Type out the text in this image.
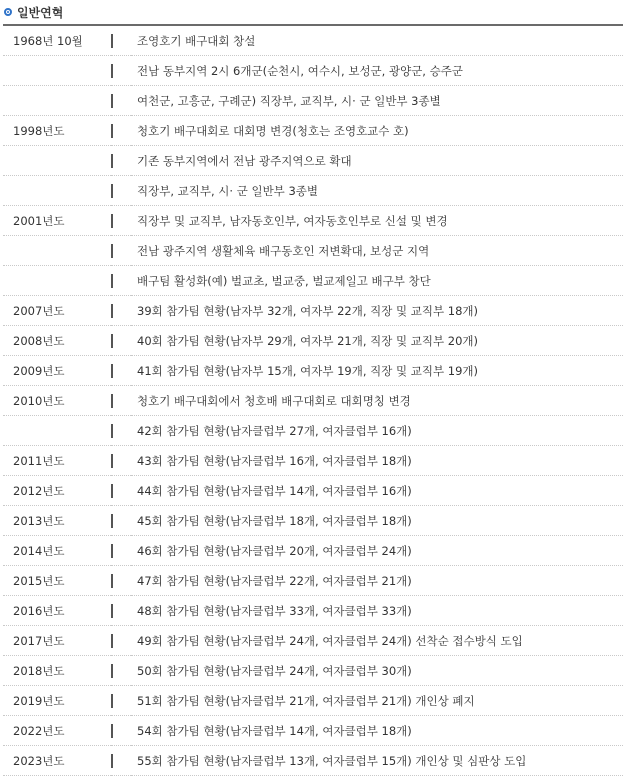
일반연혁
1968년 10월		조영호기 배구대회 창설

	전남 동부지역 2시 6개군(순천시, 여수시, 보성군, 광양군, 승주군

	여천군, 고흥군, 구례군) 직장부, 교직부, 시· 군 일반부 3종별
1998년도		청호기 배구대회로 대회명 변경(청호는 조영호교수 호)

	기존 동부지역에서 전남 광주지역으로 확대

	직장부, 교직부, 시· 군 일반부 3종별
2001년도		직장부 및 교직부, 남자동호인부, 여자동호인부로 신설 및 변경

	전남 광주지역 생활체육 배구동호인 저변확대, 보성군 지역

	배구팀 활성화(예) 벌교초, 벌교중, 벌교제일고 배구부 창단
2007년도		39회 참가팀 현황(남자부 32개, 여자부 22개, 직장 및 교직부 18개)
2008년도		40회 참가팀 현황(남자부 29개, 여자부 21개, 직장 및 교직부 20개)
2009년도		41회 참가팀 현황(남자부 15개, 여자부 19개, 직장 및 교직부 19개)
2010년도		청호기 배구대회에서 청호배 배구대회로 대회명칭 변경

	42회 참가팀 현황(남자클럽부 27개, 여자클럽부 16개)
2011년도		43회 참가팀 현황(남자클럽부 16개, 여자클럽부 18개)
2012년도		44회 참가팀 현황(남자클럽부 14개, 여자클럽부 16개)
2013년도		45회 참가팀 현황(남자클럽부 18개, 여자클럽부 18개)
2014년도		46회 참가팀 현황(남자클럽부 20개, 여자클럽부 24개)
2015년도		47회 참가팀 현황(남자클럽부 22개, 여자클럽부 21개)
2016년도		48회 참가팀 현황(남자클럽부 33개, 여자클럽부 33개)
2017년도		49회 참가팀 현황(남자클럽부 24개, 여자클럽부 24개) 선착순 접수방식 도입
2018년도		50회 참가팀 현황(남자클럽부 24개, 여자클럽부 30개)
2019년도		51회 참가팀 현황(남자클럽부 21개, 여자클럽부 21개) 개인상 폐지
2022년도		54회 참가팀 현황(남자클럽부 14개, 여자클럽부 18개)
2023년도		55회 참가팀 현황(남자클럽부 13개, 여자클럽부 15개) 개인상 및 심판상 도입
